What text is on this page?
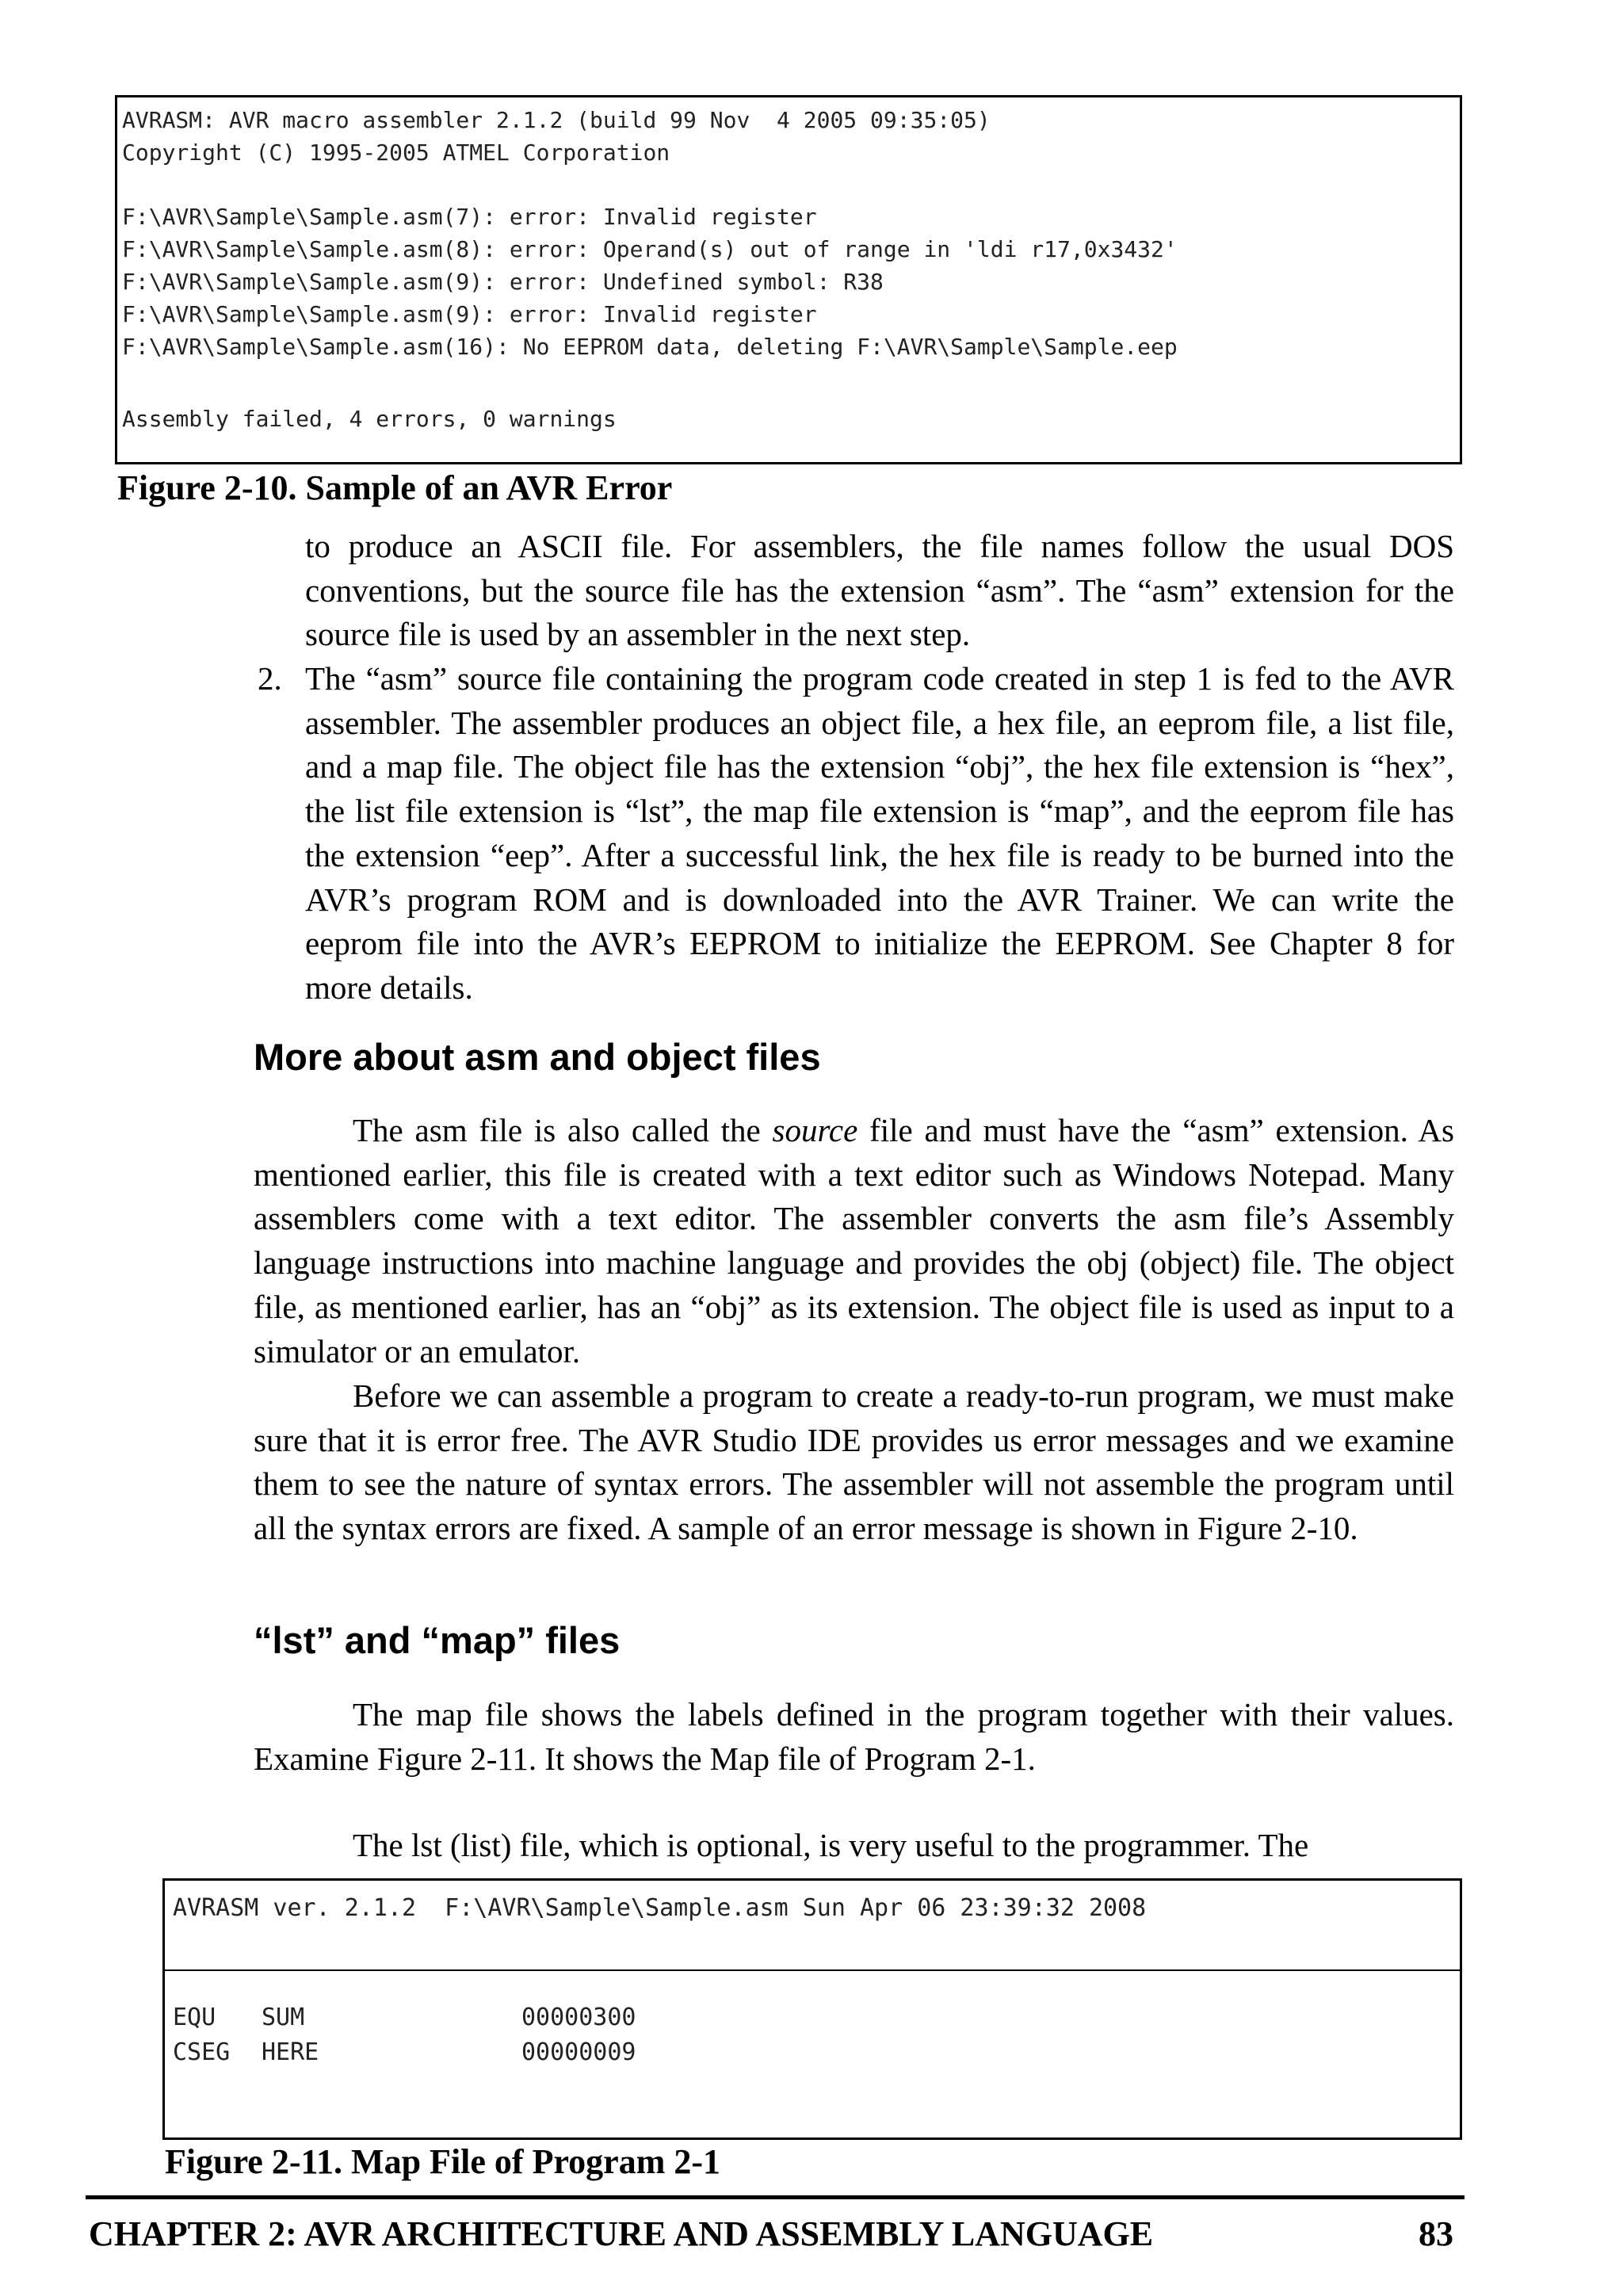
AVRASM: AVR macro assembler 2.1.2 (build 99 Nov  4 2005 09:35:05)

Copyright (C) 1995-2005 ATMEL Corporation

F:\AVR\Sample\Sample.asm(7): error: Invalid register

F:\AVR\Sample\Sample.asm(8): error: Operand(s) out of range in 'ldi r17,0x3432'

F:\AVR\Sample\Sample.asm(9): error: Undefined symbol: R38

F:\AVR\Sample\Sample.asm(9): error: Invalid register

F:\AVR\Sample\Sample.asm(16): No EEPROM data, deleting F:\AVR\Sample\Sample.eep

Assembly failed, 4 errors, 0 warnings

Figure 2-10. Sample of an AVR Error

to produce an ASCII file. For assemblers, the file names follow the usual DOS conventions, but the source file has the extension “asm”. The “asm” extension for the source file is used by an assembler in the next step.

2. The “asm” source file containing the program code created in step 1 is fed to the AVR assembler. The assembler produces an object file, a hex file, an eeprom file, a list file, and a map file. The object file has the extension “obj”, the hex file extension is “hex”, the list file extension is “lst”, the map file extension is “map”, and the eeprom file has the extension “eep”. After a successful link, the hex file is ready to be burned into the AVR’s program ROM and is downloaded into the AVR Trainer. We can write the eeprom file into the AVR’s EEPROM to initialize the EEPROM. See Chapter 8 for more details.

More about asm and object files

The asm file is also called the source file and must have the “asm” extension. As mentioned earlier, this file is created with a text editor such as Windows Notepad. Many assemblers come with a text editor. The assembler converts the asm file’s Assembly language instructions into machine language and provides the obj (object) file. The object file, as mentioned earlier, has an “obj” as its extension. The object file is used as input to a simulator or an emulator.

Before we can assemble a program to create a ready-to-run program, we must make sure that it is error free. The AVR Studio IDE provides us error messages and we examine them to see the nature of syntax errors. The assembler will not assemble the program until all the syntax errors are fixed. A sample of an error message is shown in Figure 2-10.

“lst” and “map” files

The map file shows the labels defined in the program together with their values. Examine Figure 2-11. It shows the Map file of Program 2-1.

The lst (list) file, which is optional, is very useful to the programmer. The

AVRASM ver. 2.1.2  F:\AVR\Sample\Sample.asm Sun Apr 06 23:39:32 2008

EQU SUM	00000300

CSEG HERE	00000009

Figure 2-11. Map File of Program 2-1

CHAPTER 2: AVR ARCHITECTURE AND ASSEMBLY LANGUAGE	83
